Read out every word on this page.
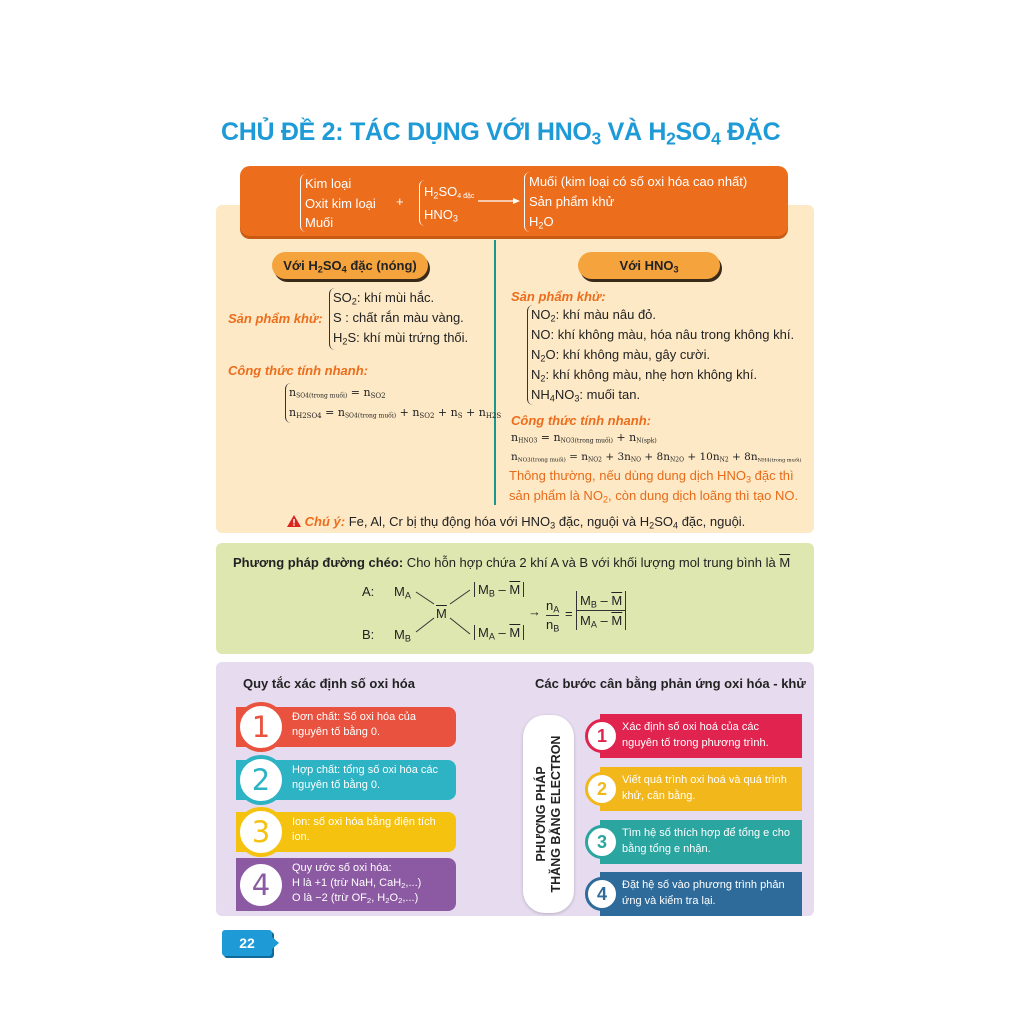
CHỦ ĐỀ 2: TÁC DỤNG VỚI $HNO_3$ VÀ $H_2SO_4$ ĐẶC
Kim loại
Oxit kim loại
Muối
+
$H_2SO_{4 đặc}$
$HNO_3$
Muối (kim loại có số oxi hóa cao nhất)
Sản phẩm khử
$H_2O$
Với $H_2SO_4$ đặc (nóng)
Sản phẩm khử:
$SO_2$: khí mùi hắc.
S : chất rắn màu vàng.
$H_2S$: khí mùi trứng thối.
Công thức tính nhanh:
$n_{SO4(trong muối)} = n_{SO2}$
$n_{H2SO4} = n_{SO4(trong muối)} + n_{SO2} + n_S + n_{H2S}$
Với $HNO_3$
Sản phẩm khử:
$NO_2$: khí màu nâu đỏ.
NO: khí không màu, hóa nâu trong không khí.
$N_2O$: khí không màu, gây cười.
$N_2$: khí không màu, nhẹ hơn không khí.
$NH_4NO_3$: muối tan.
Công thức tính nhanh:
$n_{HNO3} = n_{NO3(trong muối)} + n_{N(spk)}$
$n_{NO3(trong muối)} = n_{NO2} + 3n_{NO} + 8n_{N2O} + 10n_{N2} + 8n_{NH4(trong muối)}$
Thông thường, nếu dùng dung dịch $HNO_3$ đặc thì sản phẩm là $NO_2$, còn dung dịch loãng thì tạo NO.
Chú ý: Fe, Al, Cr bị thụ động hóa với $HNO_3$ đặc, nguội và $H_2SO_4$ đặc, nguội.
Phương pháp đường chéo: Cho hỗn hợp chứa 2 khí A và B với khối lượng mol trung bình là $\overline{M}$
A:
B:
$M_A$
$M_B$
$\overline{M}$
$M_B - \overline{M}$
$M_A - \overline{M}$
→ $n_A$
$n_B$
=
$M_B - \overline{M}$
$M_A - \overline{M}$
Quy tắc xác định số oxi hóa	Các bước cân bằng phản ứng oxi hóa - khử
Đơn chất: Số oxi hóa của nguyên tố bằng 0.
1
Hợp chất: tổng số oxi hóa các nguyên tố bằng 0.
2
Ion: số oxi hóa bằng điện tích ion.
3
Quy ước số oxi hóa:
H là +1 (trừ NaH, CaH$_2$,...)
O là −2 (trừ $OF_2$, $H_2O_2$,...)
4
PHƯƠNG PHÁP THĂNG BẰNG ELECTRON
Xác định số oxi hoá của các nguyên tố trong phương trình.
1
Viết quá trình oxi hoá và quá trình khử, cân bằng.
2
Tìm hệ số thích hợp để tổng e cho bằng tổng e nhận.
3
Đặt hệ số vào phương trình phản ứng và kiểm tra lại.
4
22
